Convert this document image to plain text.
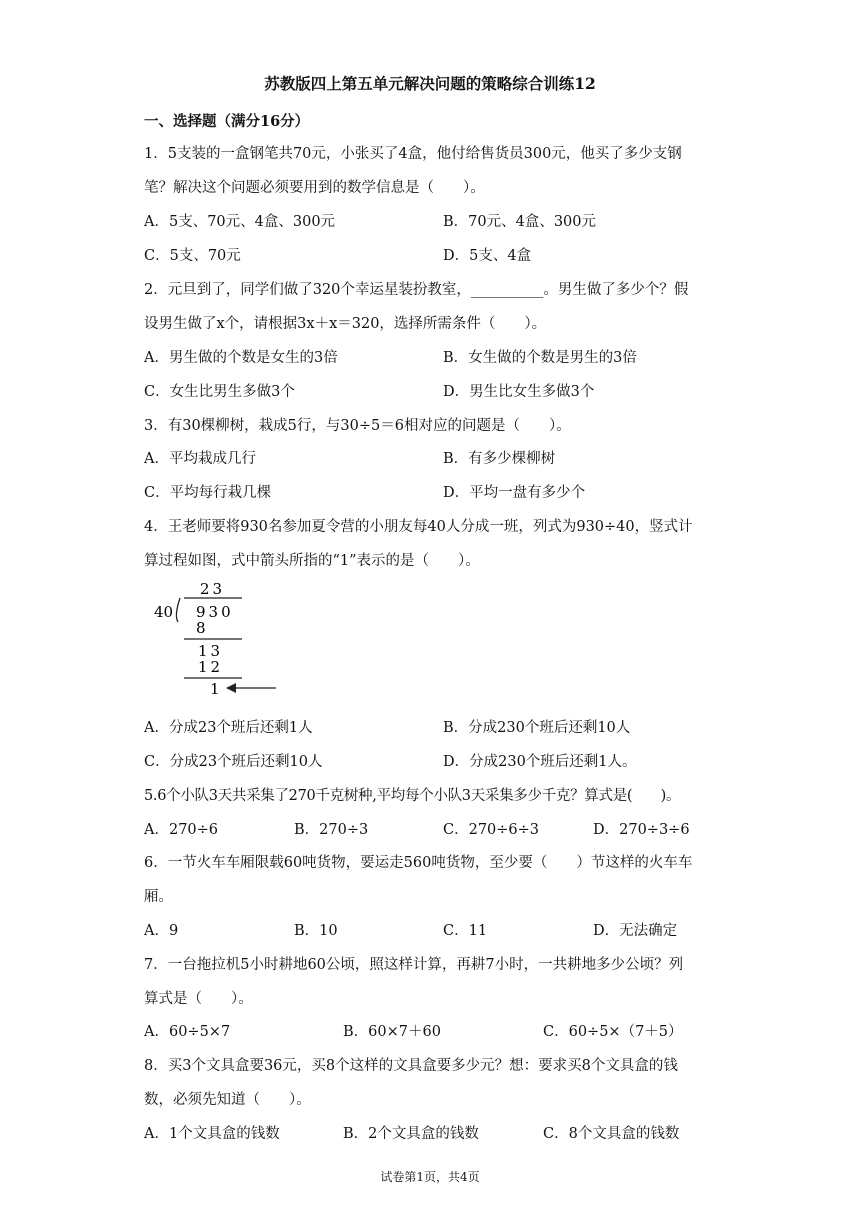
苏教版四上第五单元解决问题的策略综合训练12
一、选择题（满分16分）
1．5支装的一盒钢笔共70元，小张买了4盒，他付给售货员300元，他买了多少支钢
笔？解决这个问题必须要用到的数学信息是（　　）。
A．5支、70元、4盒、300元	B．70元、4盒、300元
C．5支、70元	D．5支、4盒
2．元旦到了，同学们做了320个幸运星装扮教室，__________。男生做了多少个？假
设男生做了x个，请根据3x＋x＝320，选择所需条件（　　）。
A．男生做的个数是女生的3倍	B．女生做的个数是男生的3倍
C．女生比男生多做3个	D．男生比女生多做3个
3．有30棵柳树，栽成5行，与30÷5＝6相对应的问题是（　　）。
A．平均栽成几行	B．有多少棵柳树
C．平均每行栽几棵	D．平均一盘有多少个
4．王老师要将930名参加夏令营的小朋友每40人分成一班，列式为930÷40，竖式计
算过程如图，式中箭头所指的“1”表示的是（　　）。
23
40 930
8
13
12
1
A．分成23个班后还剩1人	B．分成230个班后还剩10人
C．分成23个班后还剩10人	D．分成230个班后还剩1人。
5.6个小队3天共采集了270千克树种,平均每个小队3天采集多少千克？算式是(　　)。
A．270÷6	B．270÷3	C．270÷6÷3	D．270÷3÷6
6．一节火车车厢限载60吨货物，要运走560吨货物，至少要（　　）节这样的火车车
厢。
A．9	B．10	C．11	D．无法确定
7．一台拖拉机5小时耕地60公顷，照这样计算，再耕7小时，一共耕地多少公顷？列
算式是（　　）。
A．60÷5×7	B．60×7＋60	C．60÷5×（7＋5）
8．买3个文具盒要36元，买8个这样的文具盒要多少元？想：要求买8个文具盒的钱
数，必须先知道（　　）。
A．1个文具盒的钱数	B．2个文具盒的钱数	C．8个文具盒的钱数
试卷第1页，共4页
